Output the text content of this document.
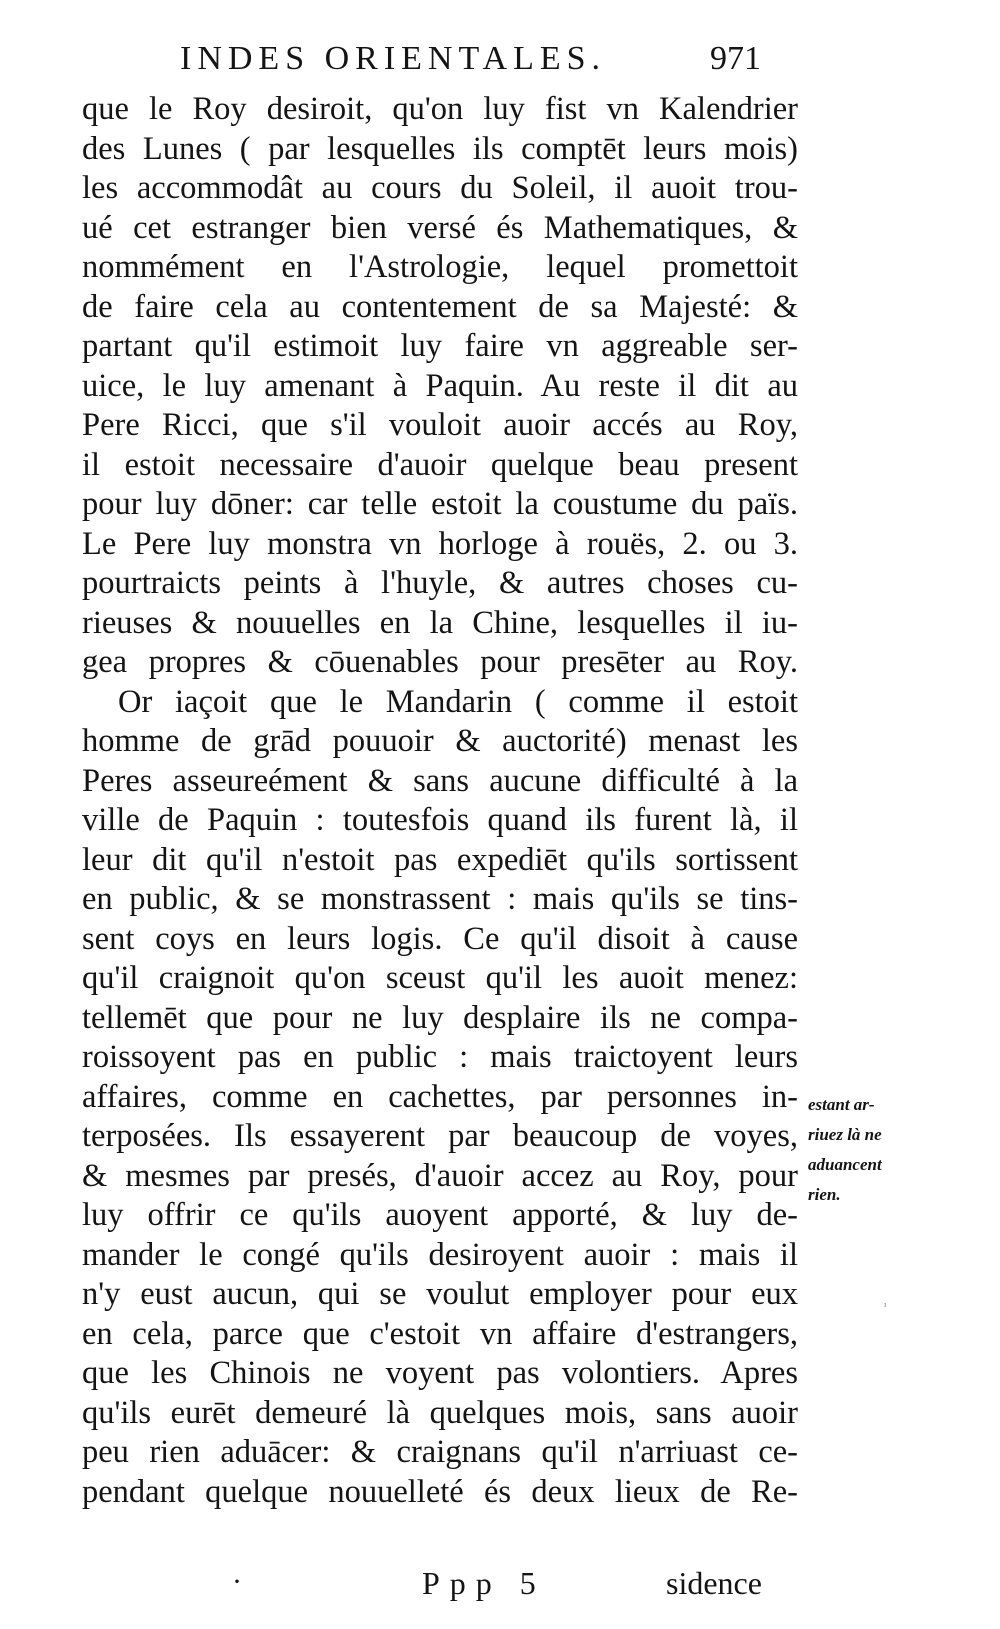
INDES ORIENTALES.	971
que le Roy desiroit, qu'on luy fist vn Kalendrier
des Lunes ( par lesquelles ils comptēt leurs mois)
les accommodât au cours du Soleil, il auoit trou-
ué cet estranger bien versé és Mathematiques, &
nommément en l'Astrologie, lequel promettoit
de faire cela au contentement de sa Majesté: &
partant qu'il estimoit luy faire vn aggreable ser-
uice, le luy amenant à Paquin. Au reste il dit au
Pere Ricci, que s'il vouloit auoir accés au Roy,
il estoit necessaire d'auoir quelque beau present
pour luy dōner: car telle estoit la coustume du païs.
Le Pere luy monstra vn horloge à rouës, 2. ou 3.
pourtraicts peints à l'huyle, & autres choses cu-
rieuses & nouuelles en la Chine, lesquelles il iu-
gea propres & cōuenables pour presēter au Roy.
Or iaçoit que le Mandarin ( comme il estoit
homme de grād pouuoir & auctorité) menast les
Peres asseureément & sans aucune difficulté à la
ville de Paquin : toutesfois quand ils furent là, il
leur dit qu'il n'estoit pas expediēt qu'ils sortissent
en public, & se monstrassent : mais qu'ils se tins-
sent coys en leurs logis. Ce qu'il disoit à cause
qu'il craignoit qu'on sceust qu'il les auoit menez:
tellemēt que pour ne luy desplaire ils ne compa-
roissoyent pas en public : mais traictoyent leurs
affaires, comme en cachettes, par personnes in-
terposées. Ils essayerent par beaucoup de voyes,
& mesmes par presés, d'auoir accez au Roy, pour
luy offrir ce qu'ils auoyent apporté, & luy de-
mander le congé qu'ils desiroyent auoir : mais il
n'y eust aucun, qui se voulut employer pour eux
en cela, parce que c'estoit vn affaire d'estrangers,
que les Chinois ne voyent pas volontiers. Apres
qu'ils eurēt demeuré là quelques mois, sans auoir
peu rien aduācer: & craignans qu'il n'arriuast ce-
pendant quelque nouuelleté és deux lieux de Re-
estant ar-
riuez là ne
aduancent
rien.
ᶦ
·	Ppp 5	sidence
